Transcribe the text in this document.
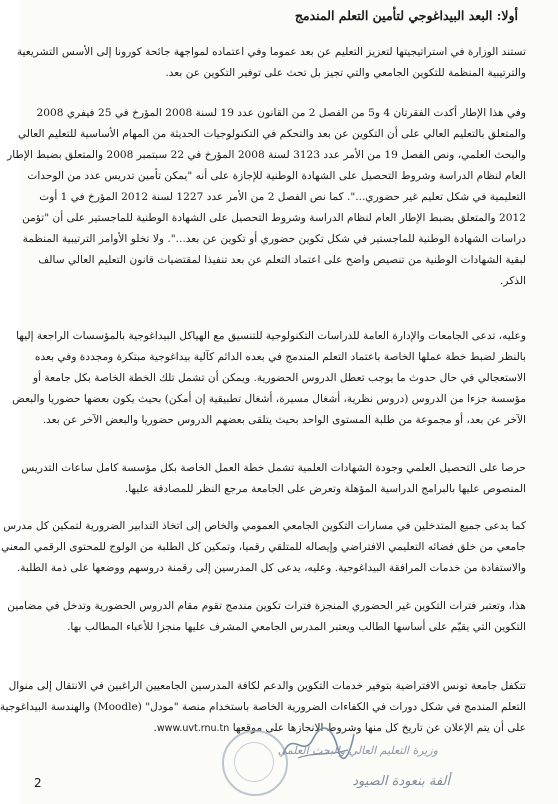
أولا: البعد البيداغوجي لتأمين التعلم المندمج
تستند الوزارة في استراتيجيتها لتعزيز التعليم عن بعد عموما وفي اعتماده لمواجهة جائحة كورونا إلى الأسس التشريعية
والترتيبية المنظمة للتكوين الجامعي والتي تجيز بل تحث على توفير التكوين عن بعد.
وفي هذا الإطار أكدت الفقرتان 4 و5 من الفصل 2 من القانون عدد 19 لسنة 2008 المؤرخ في 25 فيفري 2008
والمتعلق بالتعليم العالي على أن التكوين عن بعد والتحكم في التكنولوجيات الحديثة من المهام الأساسية للتعليم العالي
والبحث العلمي، ونص الفصل 19 من الأمر عدد 3123 لسنة 2008 المؤرخ في 22 سبتمبر 2008 والمتعلق بضبط الإطار
العام لنظام الدراسة وشروط التحصيل على الشهادة الوطنية للإجازة على أنه "يمكن تأمين تدريس عدد من الوحدات
التعليمية في شكل تعليم غير حضوري...". كما نص الفصل 2 من الأمر عدد 1227 لسنة 2012 المؤرخ في 1 أوت
2012 والمتعلق بضبط الإطار العام لنظام الدراسة وشروط التحصيل على الشهادة الوطنية للماجستير على أن "تؤمن
دراسات الشهادة الوطنية للماجستير في شكل تكوين حضوري أو تكوين عن بعد...". ولا تخلو الأوامر الترتيبية المنظمة
لبقية الشهادات الوطنية من تنصيص واضح على اعتماد التعلم عن بعد تنفيذا لمقتضيات قانون التعليم العالي سالف
الذكر.
وعليه، تدعى الجامعات والإدارة العامة للدراسات التكنولوجية للتنسيق مع الهياكل البيداغوجية بالمؤسسات الراجعة إليها
بالنظر لضبط خطة عملها الخاصة باعتماد التعلم المندمج في بعده الدائم كآلية بيداغوجية مبتكرة ومجددة وفي بعده
الاستعجالي في حال حدوث ما يوجب تعطل الدروس الحضورية. ويمكن أن تشمل تلك الخطة الخاصة بكل جامعة أو
مؤسسة جزءا من الدروس (دروس نظرية، أشغال مسيرة، أشغال تطبيقية إن أمكن) بحيث يكون بعضها حضوريا والبعض
الآخر عن بعد، أو مجموعة من طلبة المستوى الواحد بحيث يتلقى بعضهم الدروس حضوريا والبعض الآخر عن بعد.
حرصا على التحصيل العلمي وجودة الشهادات العلمية تشمل خطة العمل الخاصة بكل مؤسسة كامل ساعات التدريس
المنصوص عليها بالبرامج الدراسية المؤهلة وتعرض على الجامعة مرجع النظر للمصادقة عليها.
كما يدعى جميع المتدخلين في مسارات التكوين الجامعي العمومي والخاص إلى اتخاذ التدابير الضرورية لتمكين كل مدرس
جامعي من خلق فضائه التعليمي الافتراضي وإيصاله للمتلقي رقميا، وتمكين كل الطلبة من الولوج للمحتوى الرقمي المعني
والاستفادة من خدمات المرافقة البيداغوجية. وعليه، يدعى كل المدرسين إلى رقمنة دروسهم ووضعها على ذمة الطلبة.
هذا، وتعتبر فترات التكوين غير الحضوري المنجزة فترات تكوين مندمج تقوم مقام الدروس الحضورية وتدخل في مضامين
التكوين التي يقيّم على أساسها الطالب ويعتبر المدرس الجامعي المشرف عليها منجزا للأعباء المطالب بها.
تتكفل جامعة تونس الافتراضية بتوفير خدمات التكوين والدعم لكافة المدرسين الجامعيين الراغبين في الانتقال إلى منوال
التعلم المندمج في شكل دورات في الكفاءات الضرورية الخاصة باستخدام منصة "مودل" (Moodle) والهندسة البيداغوجية
على أن يتم الإعلان عن تاريخ كل منها وشروط الانجازها على موقعها www.uvt.rnu.tn.
وزيرة التعليم العالي والبحث العلمي
ألفة بنعودة الصيود
2
